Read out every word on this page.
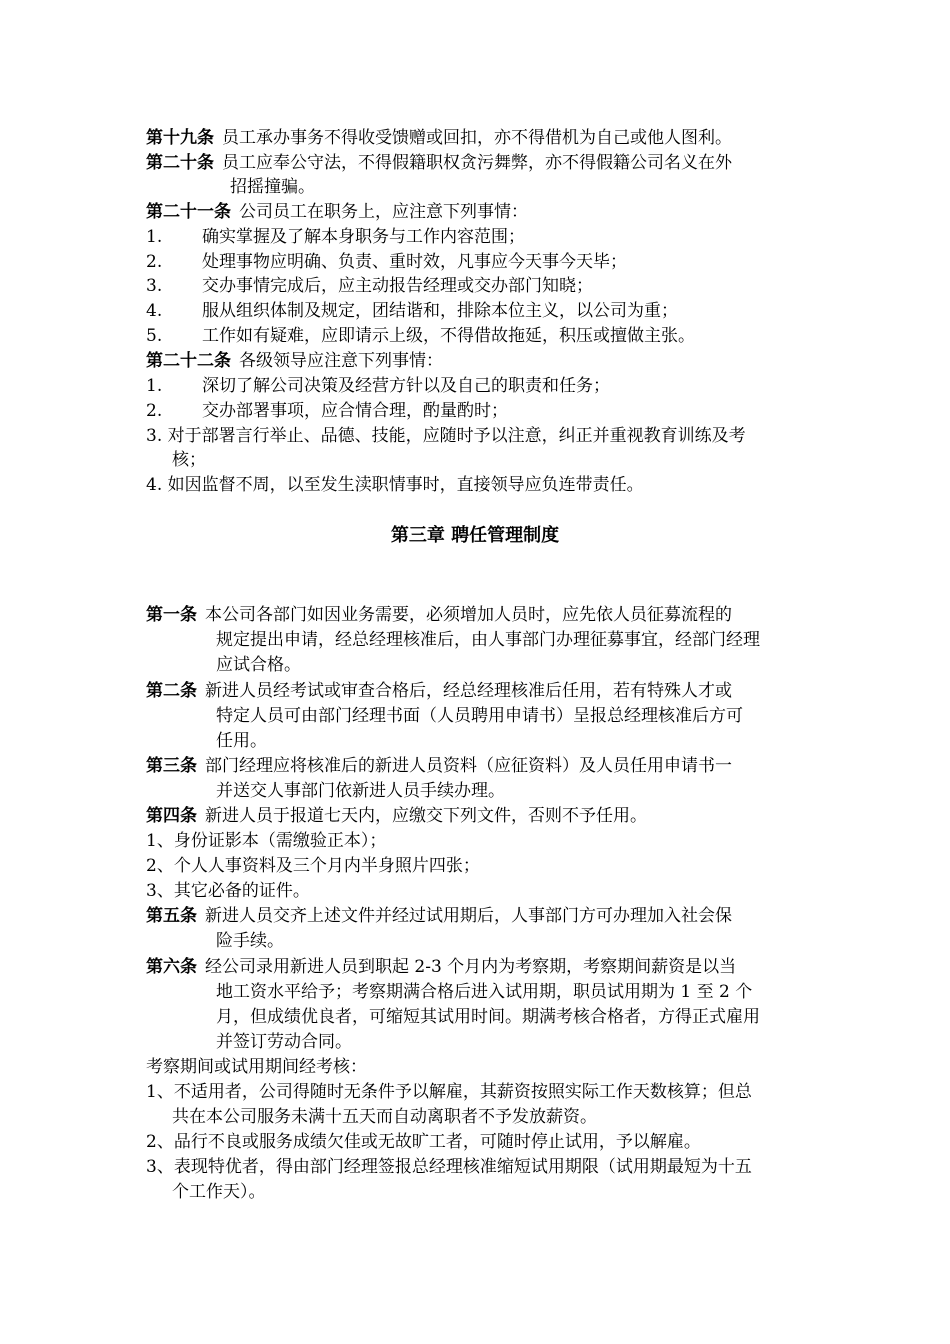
第十九条 员工承办事务不得收受馈赠或回扣，亦不得借机为自己或他人图利。
第二十条 员工应奉公守法，不得假籍职权贪污舞弊，亦不得假籍公司名义在外
招摇撞骗。
第二十一条 公司员工在职务上，应注意下列事情：
1. 确实掌握及了解本身职务与工作内容范围；
2. 处理事物应明确、负责、重时效，凡事应今天事今天毕；
3. 交办事情完成后，应主动报告经理或交办部门知晓；
4. 服从组织体制及规定，团结谐和，排除本位主义，以公司为重；
5. 工作如有疑难，应即请示上级，不得借故拖延，积压或擅做主张。
第二十二条 各级领导应注意下列事情：
1. 深切了解公司决策及经营方针以及自己的职责和任务；
2. 交办部署事项，应合情合理，酌量酌时；
3. 对于部署言行举止、品德、技能，应随时予以注意，纠正并重视教育训练及考
核；
4. 如因监督不周，以至发生渎职情事时，直接领导应负连带责任。
第三章 聘任管理制度
第一条 本公司各部门如因业务需要，必须增加人员时，应先依人员征募流程的
规定提出申请，经总经理核准后，由人事部门办理征募事宜，经部门经理
应试合格。
第二条 新进人员经考试或审查合格后，经总经理核准后任用，若有特殊人才或
特定人员可由部门经理书面（人员聘用申请书）呈报总经理核准后方可
任用。
第三条 部门经理应将核准后的新进人员资料（应征资料）及人员任用申请书一
并送交人事部门依新进人员手续办理。
第四条 新进人员于报道七天内，应缴交下列文件，否则不予任用。
1、身份证影本（需缴验正本）；
2、个人人事资料及三个月内半身照片四张；
3、其它必备的证件。
第五条 新进人员交齐上述文件并经过试用期后，人事部门方可办理加入社会保
险手续。
第六条 经公司录用新进人员到职起 2-3 个月内为考察期，考察期间薪资是以当
地工资水平给予；考察期满合格后进入试用期，职员试用期为 1 至 2 个
月，但成绩优良者，可缩短其试用时间。期满考核合格者，方得正式雇用
并签订劳动合同。
考察期间或试用期间经考核：
1、不适用者，公司得随时无条件予以解雇，其薪资按照实际工作天数核算；但总
共在本公司服务未满十五天而自动离职者不予发放薪资。
2、品行不良或服务成绩欠佳或无故旷工者，可随时停止试用，予以解雇。
3、表现特优者，得由部门经理签报总经理核准缩短试用期限（试用期最短为十五
个工作天）。
